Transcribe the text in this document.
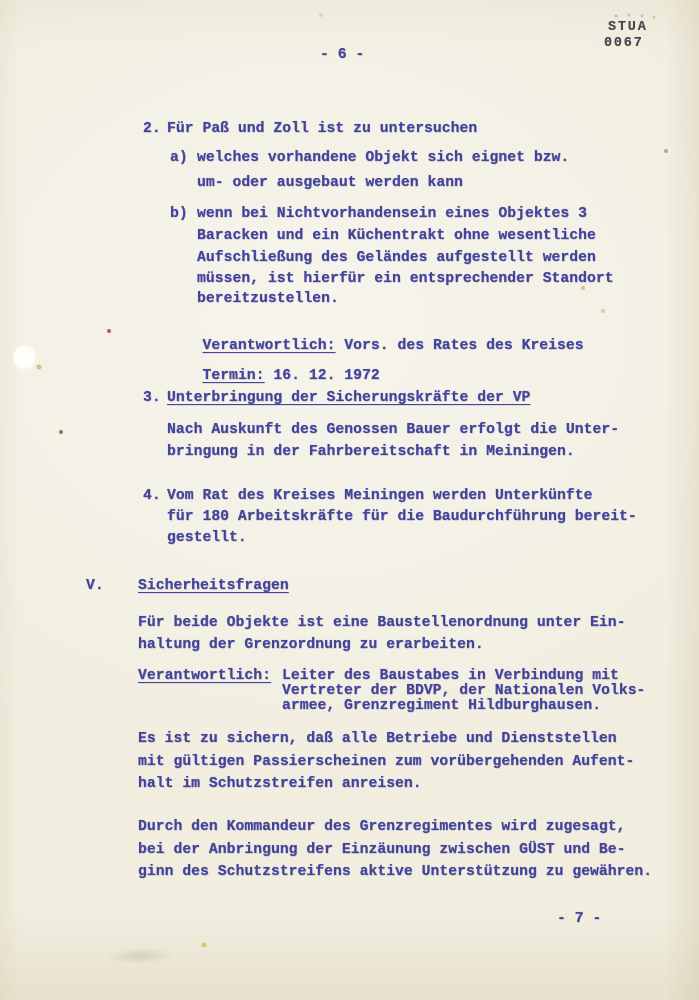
- 6 -
STUA
0067
2. Für Paß und Zoll ist zu untersuchen
a) welches vorhandene Objekt sich eignet bzw.
um- oder ausgebaut werden kann
b) wenn bei Nichtvorhandensein eines Objektes 3
Baracken und ein Küchentrakt ohne wesentliche
Aufschließung des Geländes aufgestellt werden
müssen, ist hierfür ein entsprechender Standort
bereitzustellen.

Verantwortlich: Vors. des Rates des Kreises

Termin: 16. 12. 1972

3. Unterbringung der Sicherungskräfte der VP
Nach Auskunft des Genossen Bauer erfolgt die Unter-
bringung in der Fahrbereitschaft in Meiningen.
4. Vom Rat des Kreises Meiningen werden Unterkünfte
für 180 Arbeitskräfte für die Baudurchführung bereit-
gestellt.
V. Sicherheitsfragen
Für beide Objekte ist eine Baustellenordnung unter Ein-
haltung der Grenzordnung zu erarbeiten.
Verantwortlich: Leiter des Baustabes in Verbindung mit
Vertreter der BDVP, der Nationalen Volks-
armee, Grenzregiment Hildburghausen.
Es ist zu sichern, daß alle Betriebe und Dienststellen
mit gültigen Passierscheinen zum vorübergehenden Aufent-
halt im Schutzstreifen anreisen.
Durch den Kommandeur des Grenzregimentes wird zugesagt,
bei der Anbringung der Einzäunung zwischen GÜST und Be-
ginn des Schutzstreifens aktive Unterstützung zu gewähren.
- 7 -
